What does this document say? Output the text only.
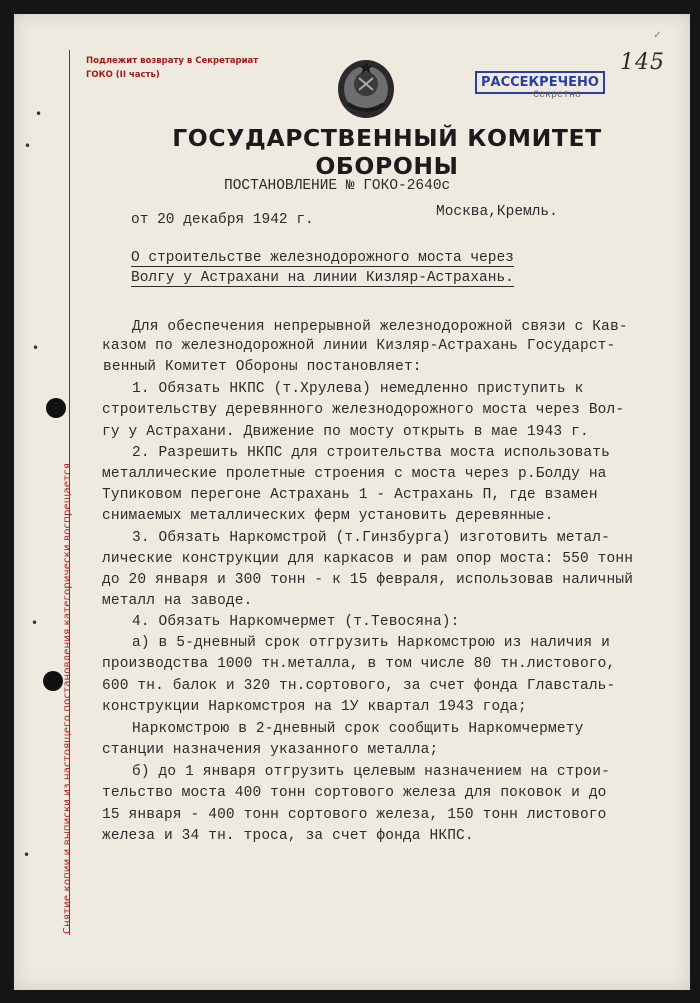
•
•
•
•
•	Снятие копии и выписки из настоящего постановления категорически воспрещается
Подлежит возврату в Секретариат
ГОКО (II часть)	РАССЕКРЕЧЕНО
Секретно
145
✓
ГОСУДАРСТВЕННЫЙ КОМИТЕТ ОБОРОНЫ
ПОСТАНОВЛЕНИЕ № ГОКО-2640с
от 20 декабря 1942 г.	Москва,Кремль.
О строительстве железнодорожного моста через
Волгу у Астрахани на линии Кизляр-Астрахань.
Для обеспечения непрерывной железнодорожной связи с Кав-
казом по железнодорожной линии Кизляр-Астрахань Государст-
венный Комитет Обороны постановляет:
1. Обязать НКПС (т.Хрулева) немедленно приступить к
строительству деревянного железнодорожного моста через Вол-
гу у Астрахани. Движение по мосту открыть в мае 1943 г.
2. Разрешить НКПС для строительства моста использовать
металлические пролетные строения с моста через р.Болду на
Тупиковом перегоне Астрахань 1 - Астрахань П, где взамен
снимаемых металлических ферм установить деревянные.
3. Обязать Наркомстрой (т.Гинзбурга) изготовить метал-
лические конструкции для каркасов и рам опор моста: 550 тонн
до 20 января и 300 тонн - к 15 февраля, использовав наличный
металл на заводе.
4. Обязать Наркомчермет (т.Тевосяна):
а) в 5-дневный срок отгрузить Наркомстрою из наличия и
производства 1000 тн.металла, в том числе 80 тн.листового,
600 тн. балок и 320 тн.сортового, за счет фонда Главсталь-
конструкции Наркомстроя на 1У квартал 1943 года;
Наркомстрою в 2-дневный срок сообщить Наркомчермету
станции назначения указанного металла;
б) до 1 января отгрузить целевым назначением на строи-
тельство моста 400 тонн сортового железа для поковок и до
15 января - 400 тонн сортового железа, 150 тонн листового
железа и 34 тн. троса, за счет фонда НКПС.
